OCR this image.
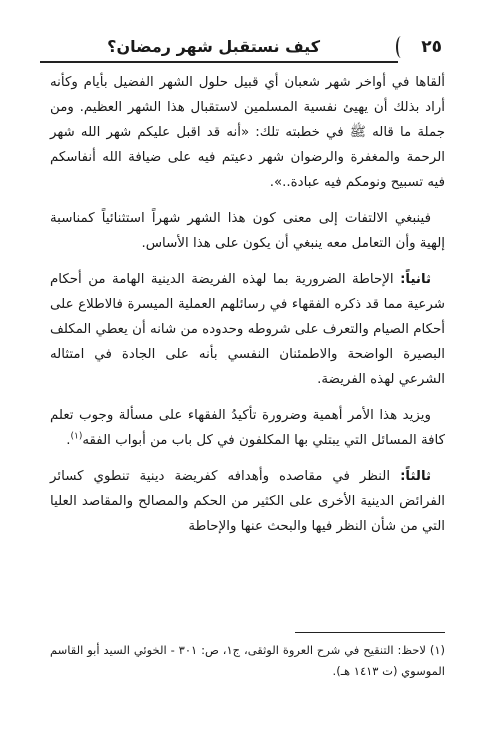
٢٥
كيف نستقبل شهر رمضان؟

ألقاها في أواخر شهر شعبان أي قبيل حلول الشهر الفضيل بأيام وكأنه أراد بذلك أن يهيئ نفسية المسلمين لاستقبال هذا الشهر العظيم. ومن جملة ما قاله ﷺ في خطبته تلك: «أنه قد اقبل عليكم شهر الله شهر الرحمة والمغفرة والرضوان شهر دعيتم فيه على ضيافة الله أنفاسكم فيه تسبيح ونومكم فيه عبادة..».

فينبغي الالتفات إلى معنى كون هذا الشهر شهراً استثنائياً كمناسبة إلهية وأن التعامل معه ينبغي أن يكون على هذا الأساس.

ثانياً: الإحاطة الضرورية بما لهذه الفريضة الدينية الهامة من أحكام شرعية مما قد ذكره الفقهاء في رسائلهم العملية الميسرة فالاطلاع على أحكام الصيام والتعرف على شروطه وحدوده من شانه أن يعطي المكلف البصيرة الواضحة والاطمئنان النفسي بأنه على الجادة في امتثاله الشرعي لهذه الفريضة.

ويزيد هذا الأمر أهمية وضرورة تأكيدُ الفقهاء على مسألة وجوب تعلم كافة المسائل التي يبتلي بها المكلفون في كل باب من أبواب الفقه$^{(١)}$.

ثالثاً: النظر في مقاصده وأهدافه كفريضة دينية تنطوي كسائر الفرائض الدينية الأخرى على الكثير من الحكم والمصالح والمقاصد العليا التي من شأن النظر فيها والبحث عنها والإحاطة

(١) لاحظ: التنقيح في شرح العروة الوثقى، ج١، ص: ٣٠١ - الخوئي السيد أبو القاسم الموسوي (ت ١٤١٣ هـ).
